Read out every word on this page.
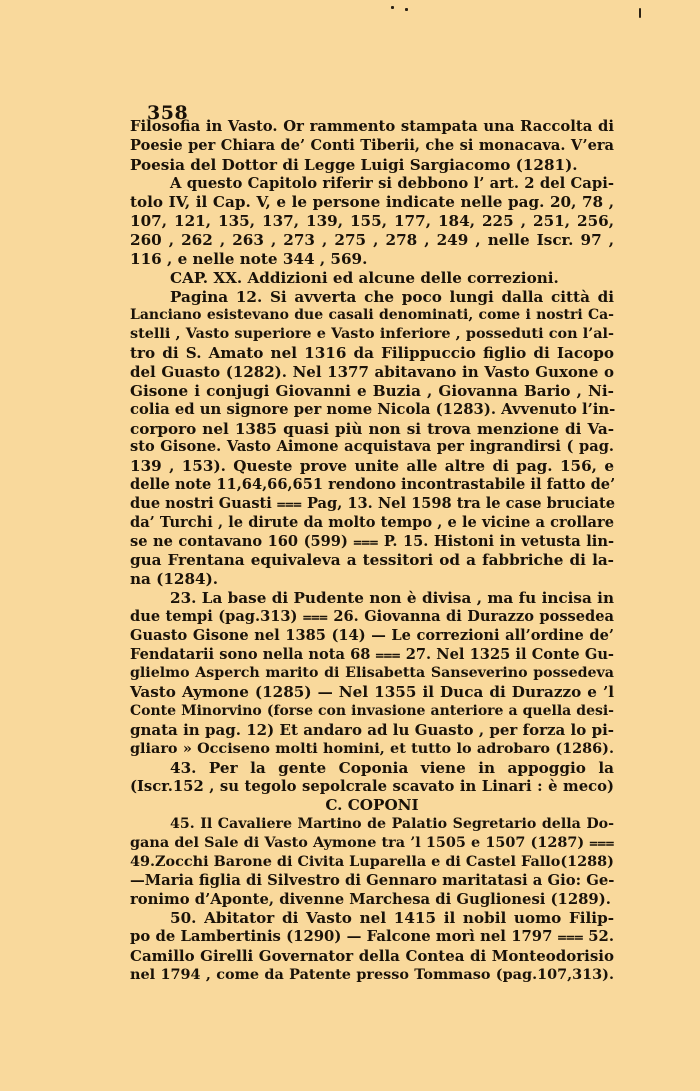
358
Filosofia in Vasto. Or rammento stampata una Raccolta di
Poesie per Chiara de’ Conti Tiberii, che si monacava. V’era
Poesia del Dottor di Legge Luigi Sargiacomo (1281).
A questo Capitolo riferir si debbono l’ art. 2 del Capi-
tolo IV, il Cap. V, e le persone indicate nelle pag. 20, 78 ,
107, 121, 135, 137, 139, 155, 177, 184, 225 , 251, 256,
260 , 262 , 263 , 273 , 275 , 278 , 249 , nelle Iscr. 97 ,
116 , e nelle note 344 , 569.
CAP. XX. Addizioni ed alcune delle correzioni.
Pagina 12. Si avverta che poco lungi dalla città di
Lanciano esistevano due casali denominati, come i nostri Ca-
stelli , Vasto superiore e Vasto inferiore , posseduti con l’al-
tro di S. Amato nel 1316 da Filippuccio figlio di Iacopo
del Guasto (1282). Nel 1377 abitavano in Vasto Guxone o
Gisone i conjugi Giovanni e Buzia , Giovanna Bario , Ni-
colia ed un signore per nome Nicola (1283). Avvenuto l’in-
corporo nel 1385 quasi più non si trova menzione di Va-
sto Gisone. Vasto Aimone acquistava per ingrandirsi ( pag.
139 , 153). Queste prove unite alle altre di pag. 156, e
delle note 11,64,66,651 rendono incontrastabile il fatto de’
due nostri Guasti ⩶ Pag, 13. Nel 1598 tra le case bruciate
da’ Turchi , le dirute da molto tempo , e le vicine a crollare
se ne contavano 160 (599) ⩶ P. 15. Histoni in vetusta lin-
gua Frentana equivaleva a tessitori od a fabbriche di la-
na (1284).
23. La base di Pudente non è divisa , ma fu incisa in
due tempi (pag.313) ⩶ 26. Giovanna di Durazzo possedea
Guasto Gisone nel 1385 (14) — Le correzioni all’ordine de’
Fendatarii sono nella nota 68 ⩶ 27. Nel 1325 il Conte Gu-
glielmo Asperch marito di Elisabetta Sanseverino possedeva
Vasto Aymone (1285) — Nel 1355 il Duca di Durazzo e ’l
Conte Minorvino (forse con invasione anteriore a quella desi-
gnata in pag. 12) Et andaro ad lu Guasto , per forza lo pi-
gliaro » Occiseno molti homini, et tutto lo adrobaro (1286).
43. Per la gente Coponia viene in appoggio la
(Iscr.152 , su tegolo sepolcrale scavato in Linari : è meco)
C. COPONI
45. Il Cavaliere Martino de Palatio Segretario della Do-
gana del Sale di Vasto Aymone tra ’l 1505 e 1507 (1287) ⩶
49.Zocchi Barone di Civita Luparella e di Castel Fallo(1288)
—Maria figlia di Silvestro di Gennaro maritatasi a Gio: Ge-
ronimo d’Aponte, divenne Marchesa di Guglionesi (1289).
50. Abitator di Vasto nel 1415 il nobil uomo Filip-
po de Lambertinis (1290) — Falcone morì nel 1797 ⩶ 52.
Camillo Girelli Governator della Contea di Monteodorisio
nel 1794 , come da Patente presso Tommaso (pag.107,313).
